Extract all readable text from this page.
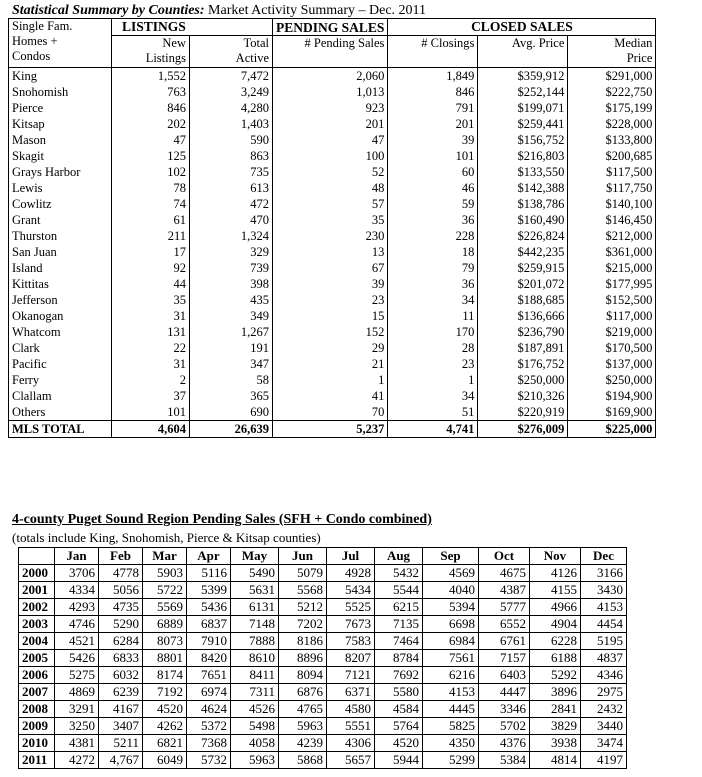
Statistical Summary by Counties: Market Activity Summary – Dec. 2011
Single Fam.
Homes +
Condos	LISTINGS		PENDING SALES	CLOSED SALES		
	New Listings	Total Active	# Pending Sales	# Closings	Avg. Price	Median Price
King	1,552	7,472	2,060	1,849	$359,912	$291,000
Snohomish	763	3,249	1,013	846	$252,144	$222,750
Pierce	846	4,280	923	791	$199,071	$175,199
Kitsap	202	1,403	201	201	$259,441	$228,000
Mason	47	590	47	39	$156,752	$133,800
Skagit	125	863	100	101	$216,803	$200,685
Grays Harbor	102	735	52	60	$133,550	$117,500
Lewis	78	613	48	46	$142,388	$117,750
Cowlitz	74	472	57	59	$138,786	$140,100
Grant	61	470	35	36	$160,490	$146,450
Thurston	211	1,324	230	228	$226,824	$212,000
San Juan	17	329	13	18	$442,235	$361,000
Island	92	739	67	79	$259,915	$215,000
Kittitas	44	398	39	36	$201,072	$177,995
Jefferson	35	435	23	34	$188,685	$152,500
Okanogan	31	349	15	11	$136,666	$117,000
Whatcom	131	1,267	152	170	$236,790	$219,000
Clark	22	191	29	28	$187,891	$170,500
Pacific	31	347	21	23	$176,752	$137,000
Ferry	2	58	1	1	$250,000	$250,000
Clallam	37	365	41	34	$210,326	$194,900
Others	101	690	70	51	$220,919	$169,900
MLS TOTAL	4,604	26,639	5,237	4,741	$276,009	$225,000
4-county Puget Sound Region Pending Sales (SFH + Condo combined)
(totals include King, Snohomish, Pierce & Kitsap counties)
	Jan	Feb	Mar	Apr	May	Jun	Jul	Aug	Sep	Oct	Nov	Dec
2000	3706	4778	5903	5116	5490	5079	4928	5432	4569	4675	4126	3166
2001	4334	5056	5722	5399	5631	5568	5434	5544	4040	4387	4155	3430
2002	4293	4735	5569	5436	6131	5212	5525	6215	5394	5777	4966	4153
2003	4746	5290	6889	6837	7148	7202	7673	7135	6698	6552	4904	4454
2004	4521	6284	8073	7910	7888	8186	7583	7464	6984	6761	6228	5195
2005	5426	6833	8801	8420	8610	8896	8207	8784	7561	7157	6188	4837
2006	5275	6032	8174	7651	8411	8094	7121	7692	6216	6403	5292	4346
2007	4869	6239	7192	6974	7311	6876	6371	5580	4153	4447	3896	2975
2008	3291	4167	4520	4624	4526	4765	4580	4584	4445	3346	2841	2432
2009	3250	3407	4262	5372	5498	5963	5551	5764	5825	5702	3829	3440
2010	4381	5211	6821	7368	4058	4239	4306	4520	4350	4376	3938	3474
2011	4272	4,767	6049	5732	5963	5868	5657	5944	5299	5384	4814	4197
